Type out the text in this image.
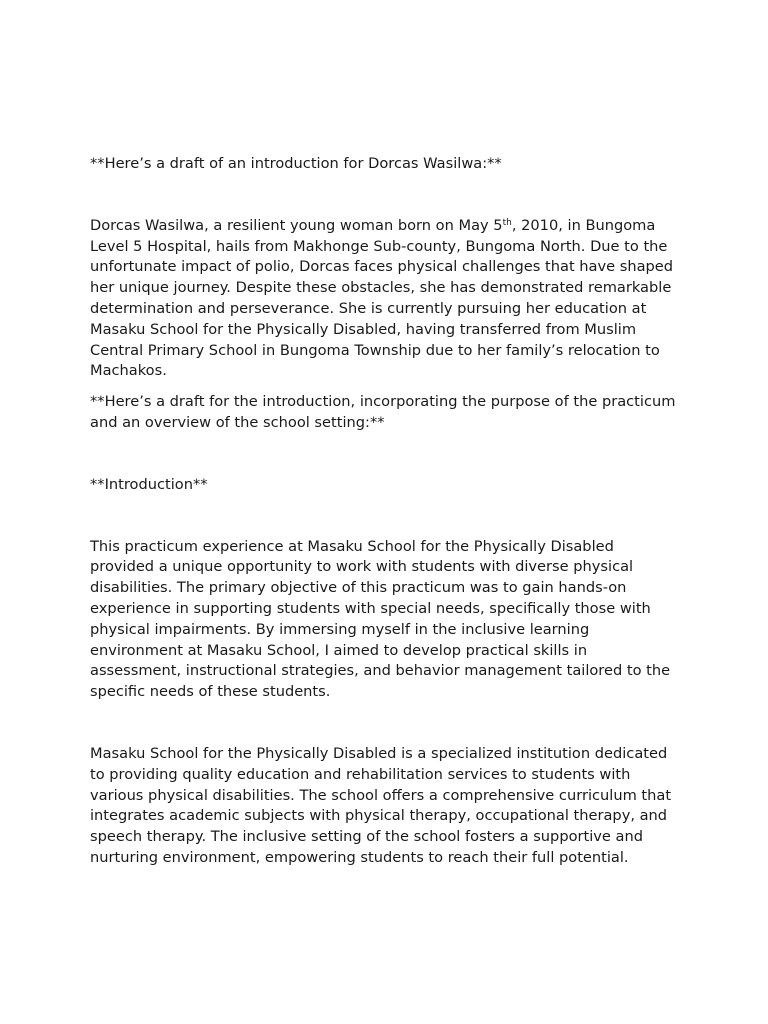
**Here’s a draft of an introduction for Dorcas Wasilwa:**

Dorcas Wasilwa, a resilient young woman born on May 5th, 2010, in Bungoma Level 5 Hospital, hails from Makhonge Sub-county, Bungoma North. Due to the unfortunate impact of polio, Dorcas faces physical challenges that have shaped her unique journey. Despite these obstacles, she has demonstrated remarkable determination and perseverance. She is currently pursuing her education at Masaku School for the Physically Disabled, having transferred from Muslim Central Primary School in Bungoma Township due to her family’s relocation to Machakos.

**Here’s a draft for the introduction, incorporating the purpose of the practicum and an overview of the school setting:**

**Introduction**

This practicum experience at Masaku School for the Physically Disabled provided a unique opportunity to work with students with diverse physical disabilities. The primary objective of this practicum was to gain hands-on experience in supporting students with special needs, specifically those with physical impairments. By immersing myself in the inclusive learning environment at Masaku School, I aimed to develop practical skills in assessment, instructional strategies, and behavior management tailored to the specific needs of these students.

Masaku School for the Physically Disabled is a specialized institution dedicated to providing quality education and rehabilitation services to students with various physical disabilities. The school offers a comprehensive curriculum that integrates academic subjects with physical therapy, occupational therapy, and speech therapy. The inclusive setting of the school fosters a supportive and nurturing environment, empowering students to reach their full potential.
